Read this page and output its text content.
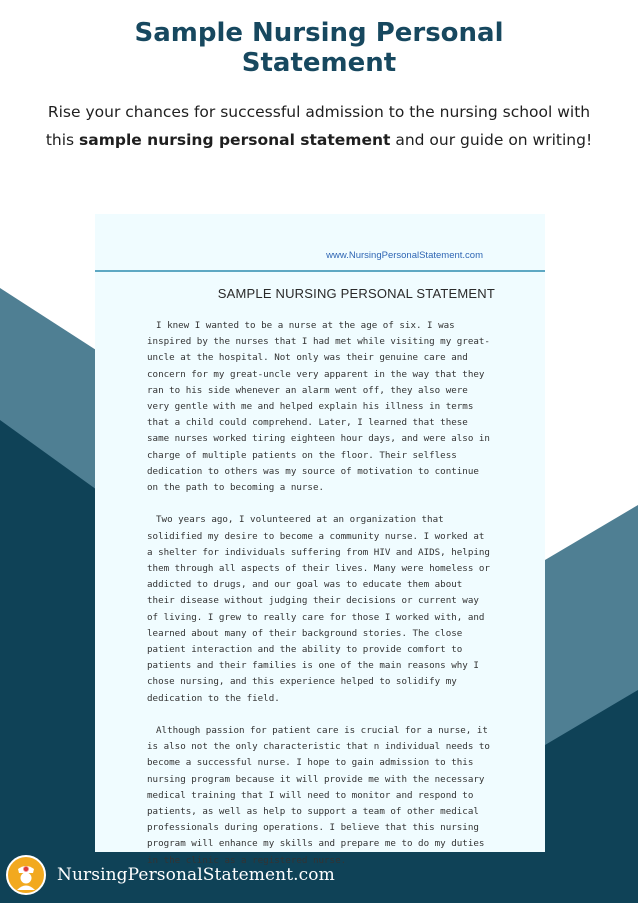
Sample Nursing Personal Statement
Rise your chances for successful admission to the nursing school with this sample nursing personal statement and our guide on writing!
www.NursingPersonalStatement.com
SAMPLE NURSING PERSONAL STATEMENT

I knew I wanted to be a nurse at the age of six. I was inspired by the nurses that I had met while visiting my great-uncle at the hospital. Not only was their genuine care and concern for my great-uncle very apparent in the way that they ran to his side whenever an alarm went off, they also were very gentle with me and helped explain his illness in terms that a child could comprehend. Later, I learned that these same nurses worked tiring eighteen hour days, and were also in charge of multiple patients on the floor. Their selfless dedication to others was my source of motivation to continue on the path to becoming a nurse.

Two years ago, I volunteered at an organization that solidified my desire to become a community nurse. I worked at a shelter for individuals suffering from HIV and AIDS, helping them through all aspects of their lives. Many were homeless or addicted to drugs, and our goal was to educate them about their disease without judging their decisions or current way of living. I grew to really care for those I worked with, and learned about many of their background stories. The close patient interaction and the ability to provide comfort to patients and their families is one of the main reasons why I chose nursing, and this experience helped to solidify my dedication to the field.

Although passion for patient care is crucial for a nurse, it is also not the only characteristic that n individual needs to become a successful nurse. I hope to gain admission to this nursing program because it will provide me with the necessary medical training that I will need to monitor and respond to patients, as well as help to support a team of other medical professionals during operations. I believe that this nursing program will enhance my skills and prepare me to do my duties in the clinic as a registered nurse.

NursingPersonalStatement.com
